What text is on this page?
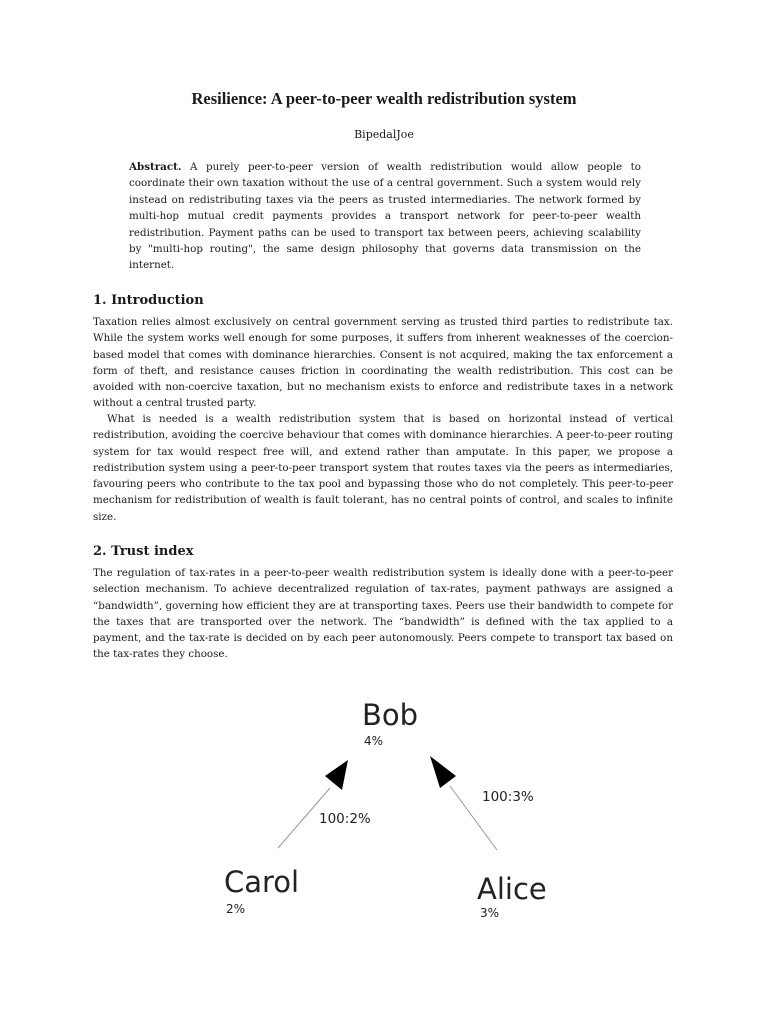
Resilience: A peer-to-peer wealth redistribution system
BipedalJoe

Abstract. A purely peer-to-peer version of wealth redistribution would allow people to coordinate their own taxation without the use of a central government. Such a system would rely instead on redistributing taxes via the peers as trusted intermediaries. The network formed by multi-hop mutual credit payments provides a transport network for peer-to-peer wealth redistribution. Payment paths can be used to transport tax between peers, achieving scalability by "multi-hop routing", the same design philosophy that governs data transmission on the internet.

1. Introduction

Taxation relies almost exclusively on central government serving as trusted third parties to redistribute tax. While the system works well enough for some purposes, it suffers from inherent weaknesses of the coercion-based model that comes with dominance hierarchies. Consent is not acquired, making the tax enforcement a form of theft, and resistance causes friction in coordinating the wealth redistribution. This cost can be avoided with non-coercive taxation, but no mechanism exists to enforce and redistribute taxes in a network without a central trusted party.

What is needed is a wealth redistribution system that is based on horizontal instead of vertical redistribution, avoiding the coercive behaviour that comes with dominance hierarchies. A peer-to-peer routing system for tax would respect free will, and extend rather than amputate. In this paper, we propose a redistribution system using a peer-to-peer transport system that routes taxes via the peers as intermediaries, favouring peers who contribute to the tax pool and bypassing those who do not completely. This peer-to-peer mechanism for redistribution of wealth is fault tolerant, has no central points of control, and scales to infinite size.

2. Trust index

The regulation of tax-rates in a peer-to-peer wealth redistribution system is ideally done with a peer-to-peer selection mechanism. To achieve decentralized regulation of tax-rates, payment pathways are assigned a “bandwidth”, governing how efficient they are at transporting taxes. Peers use their bandwidth to compete for the taxes that are transported over the network. The “bandwidth” is defined with the tax applied to a payment, and the tax-rate is decided on by each peer autonomously. Peers compete to transport tax based on the tax-rates they choose.

Bob
4%
Carol
2%
Alice
3%
100:2%
100:3%
